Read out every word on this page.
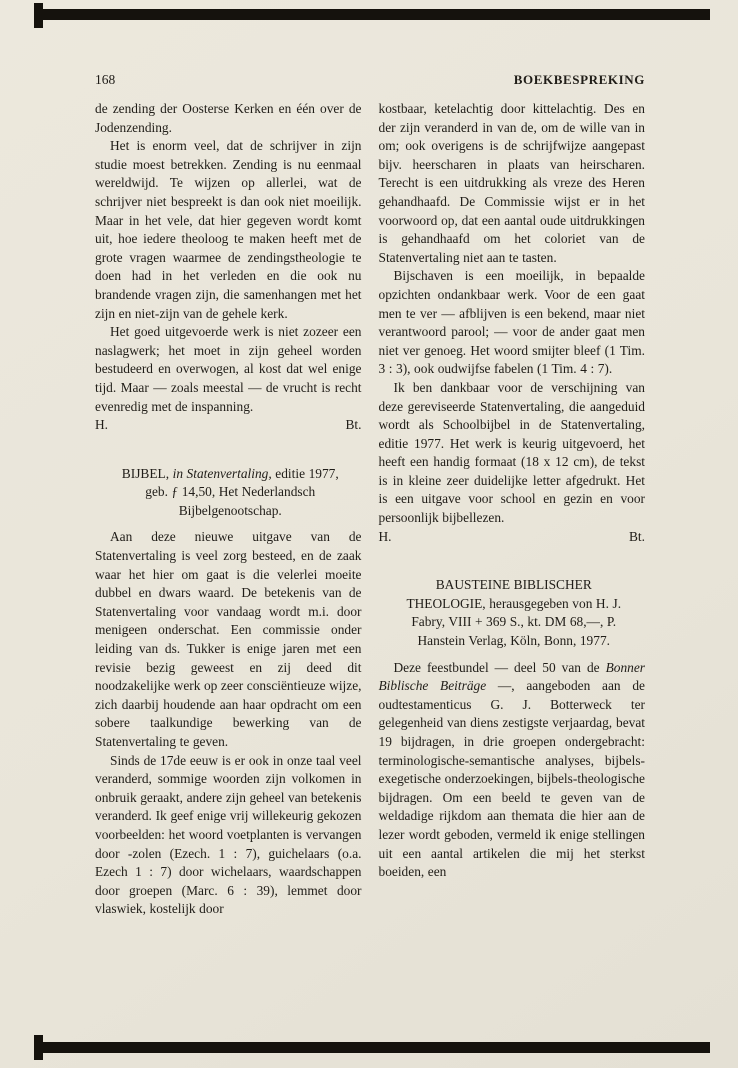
168	BOEKBESPREKING

de zending der Oosterse Kerken en één over de Jodenzending.

Het is enorm veel, dat de schrijver in zijn studie moest betrekken. Zending is nu eenmaal wereldwijd. Te wijzen op allerlei, wat de schrijver niet bespreekt is dan ook niet moeilijk. Maar in het vele, dat hier gegeven wordt komt uit, hoe iedere theoloog te maken heeft met de grote vragen waarmee de zendingstheologie te doen had in het verleden en die ook nu brandende vragen zijn, die samenhangen met het zijn en niet-zijn van de gehele kerk.

Het goed uitgevoerde werk is niet zozeer een naslagwerk; het moet in zijn geheel worden bestudeerd en overwogen, al kost dat wel enige tijd. Maar — zoals meestal — de vrucht is recht evenredig met de inspanning.

H.	Bt.

BIJBEL, in Statenvertaling, editie 1977, geb. ƒ 14,50, Het Nederlandsch Bijbelgenootschap.

Aan deze nieuwe uitgave van de Statenvertaling is veel zorg besteed, en de zaak waar het hier om gaat is die velerlei moeite dubbel en dwars waard. De betekenis van de Statenvertaling voor vandaag wordt m.i. door menigeen onderschat. Een commissie onder leiding van ds. Tukker is enige jaren met een revisie bezig geweest en zij deed dit noodzakelijke werk op zeer consciëntieuze wijze, zich daarbij houdende aan haar opdracht om een sobere taalkundige bewerking van de Statenvertaling te geven.

Sinds de 17de eeuw is er ook in onze taal veel veranderd, sommige woorden zijn volkomen in onbruik geraakt, andere zijn geheel van betekenis veranderd. Ik geef enige vrij willekeurig gekozen voorbeelden: het woord voetplanten is vervangen door -zolen (Ezech. 1 : 7), guichelaars (o.a. Ezech 1 : 7) door wichelaars, waardschappen door groepen (Marc. 6 : 39), lemmet door vlaswiek, kostelijk door

kostbaar, ketelachtig door kittelachtig. Des en der zijn veranderd in van de, om de wille van in om; ook overigens is de schrijfwijze aangepast bijv. heerscharen in plaats van heirscharen. Terecht is een uitdrukking als vreze des Heren gehandhaafd. De Commissie wijst er in het voorwoord op, dat een aantal oude uitdrukkingen is gehandhaafd om het coloriet van de Statenvertaling niet aan te tasten.

Bijschaven is een moeilijk, in bepaalde opzichten ondankbaar werk. Voor de een gaat men te ver — afblijven is een bekend, maar niet verantwoord parool; — voor de ander gaat men niet ver genoeg. Het woord smijter bleef (1 Tim. 3 : 3), ook oudwijfse fabelen (1 Tim. 4 : 7).

Ik ben dankbaar voor de verschijning van deze gereviseerde Statenvertaling, die aangeduid wordt als Schoolbijbel in de Statenvertaling, editie 1977. Het werk is keurig uitgevoerd, het heeft een handig formaat (18 x 12 cm), de tekst is in kleine zeer duidelijke letter afgedrukt. Het is een uitgave voor school en gezin en voor persoonlijk bijbellezen.

H.	Bt.

BAUSTEINE BIBLISCHER THEOLOGIE, herausgegeben von H. J. Fabry, VIII + 369 S., kt. DM 68,—, P. Hanstein Verlag, Köln, Bonn, 1977.

Deze feestbundel — deel 50 van de Bonner Biblische Beiträge —, aangeboden aan de oudtestamenticus G. J. Botterweck ter gelegenheid van diens zestigste verjaardag, bevat 19 bijdragen, in drie groepen ondergebracht: terminologische-semantische analyses, bijbels-exegetische onderzoekingen, bijbels-theologische bijdragen. Om een beeld te geven van de weldadige rijkdom aan themata die hier aan de lezer wordt geboden, vermeld ik enige stellingen uit een aantal artikelen die mij het sterkst boeiden, een
